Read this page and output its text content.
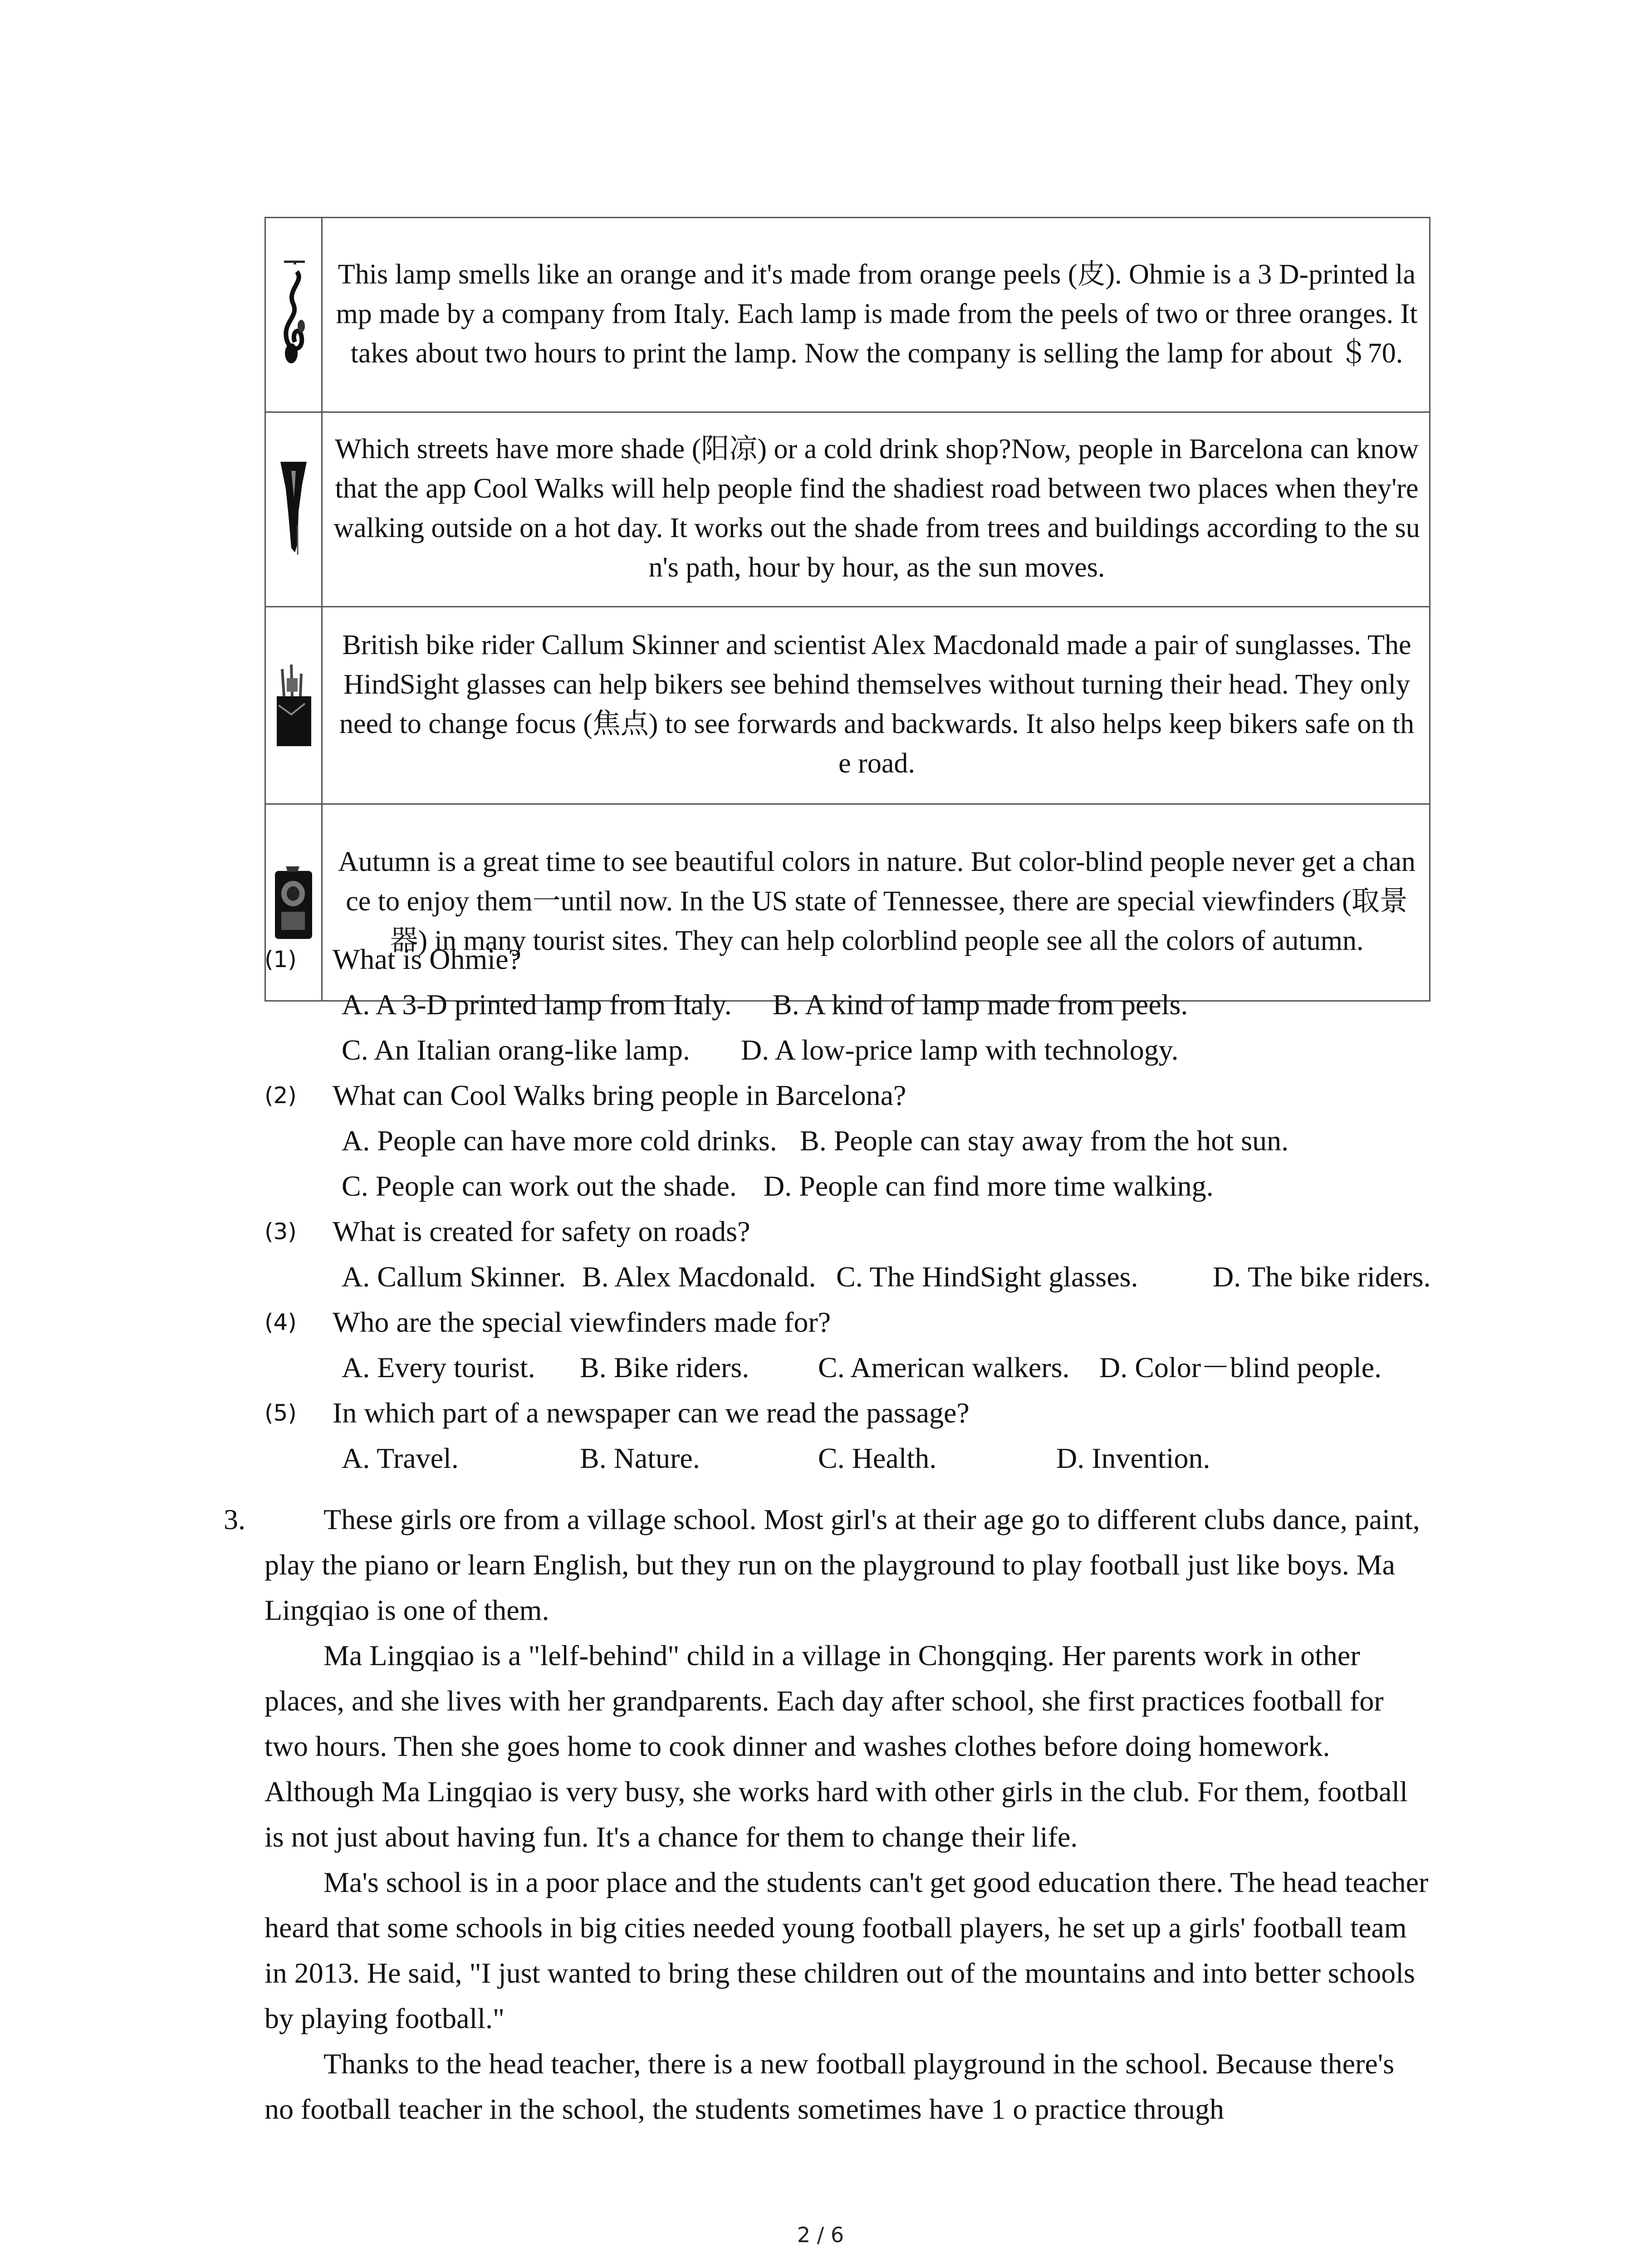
	This lamp smells like an orange and it's made from orange peels (皮). Ohmie is a 3 D-printed lamp made by a company from Italy. Each lamp is made from the peels of two or three oranges. It takes about two hours to print the lamp. Now the company is selling the lamp for about ＄70.

	Which streets have more shade (阳凉) or a cold drink shop?Now, people in Barcelona can know that the app Cool Walks will help people find the shadiest road between two places when they're walking outside on a hot day. It works out the shade from trees and buildings according to the sun's path, hour by hour, as the sun moves.

	British bike rider Callum Skinner and scientist Alex Macdonald made a pair of sunglasses. The HindSight glasses can help bikers see behind themselves without turning their head. They only need to change focus (焦点) to see forwards and backwards. It also helps keep bikers safe on the road.

	Autumn is a great time to see beautiful colors in nature. But color-blind people never get a chance to enjoy them一until now. In the US state of Tennessee, there are special viewfinders (取景器) in many tourist sites. They can help colorblind people see all the colors of autumn.
(1)	What is Ohmie?
A. A 3-D printed lamp from Italy. B. A kind of lamp made from peels.
C. An Italian orang-like lamp. D. A low-price lamp with technology.
(2)	What can Cool Walks bring people in Barcelona?
A. People can have more cold drinks. B. People can stay away from the hot sun.
C. People can work out the shade. D. People can find more time walking.
(3)	What is created for safety on roads?
A. Callum Skinner. B. Alex Macdonald. C. The HindSight glasses.	D. The bike riders.
(4)	Who are the special viewfinders made for?
A. Every tourist. B. Bike riders. C. American walkers. D. Color－blind people.
(5)	In which part of a newspaper can we read the passage?
A. Travel.	B. Nature.	C. Health.	D. Invention.
3.	These girls ore from a village school. Most girl's at their age go to different clubs dance, paint, play the piano or learn English, but they run on the playground to play football just like boys. Ma Lingqiao is one of them.

Ma Lingqiao is a "lelf-behind" child in a village in Chongqing. Her parents work in other places, and she lives with her grandparents. Each day after school, she first practices football for two hours. Then she goes home to cook dinner and washes clothes before doing homework. Although Ma Lingqiao is very busy, she works hard with other girls in the club. For them, football is not just about having fun. It's a chance for them to change their life.

Ma's school is in a poor place and the students can't get good education there. The head teacher heard that some schools in big cities needed young football players, he set up a girls' football team in 2013. He said, "I just wanted to bring these children out of the mountains and into better schools by playing football."

Thanks to the head teacher, there is a new football playground in the school. Because there's no football teacher in the school, the students sometimes have 1 o practice through

2 / 6
